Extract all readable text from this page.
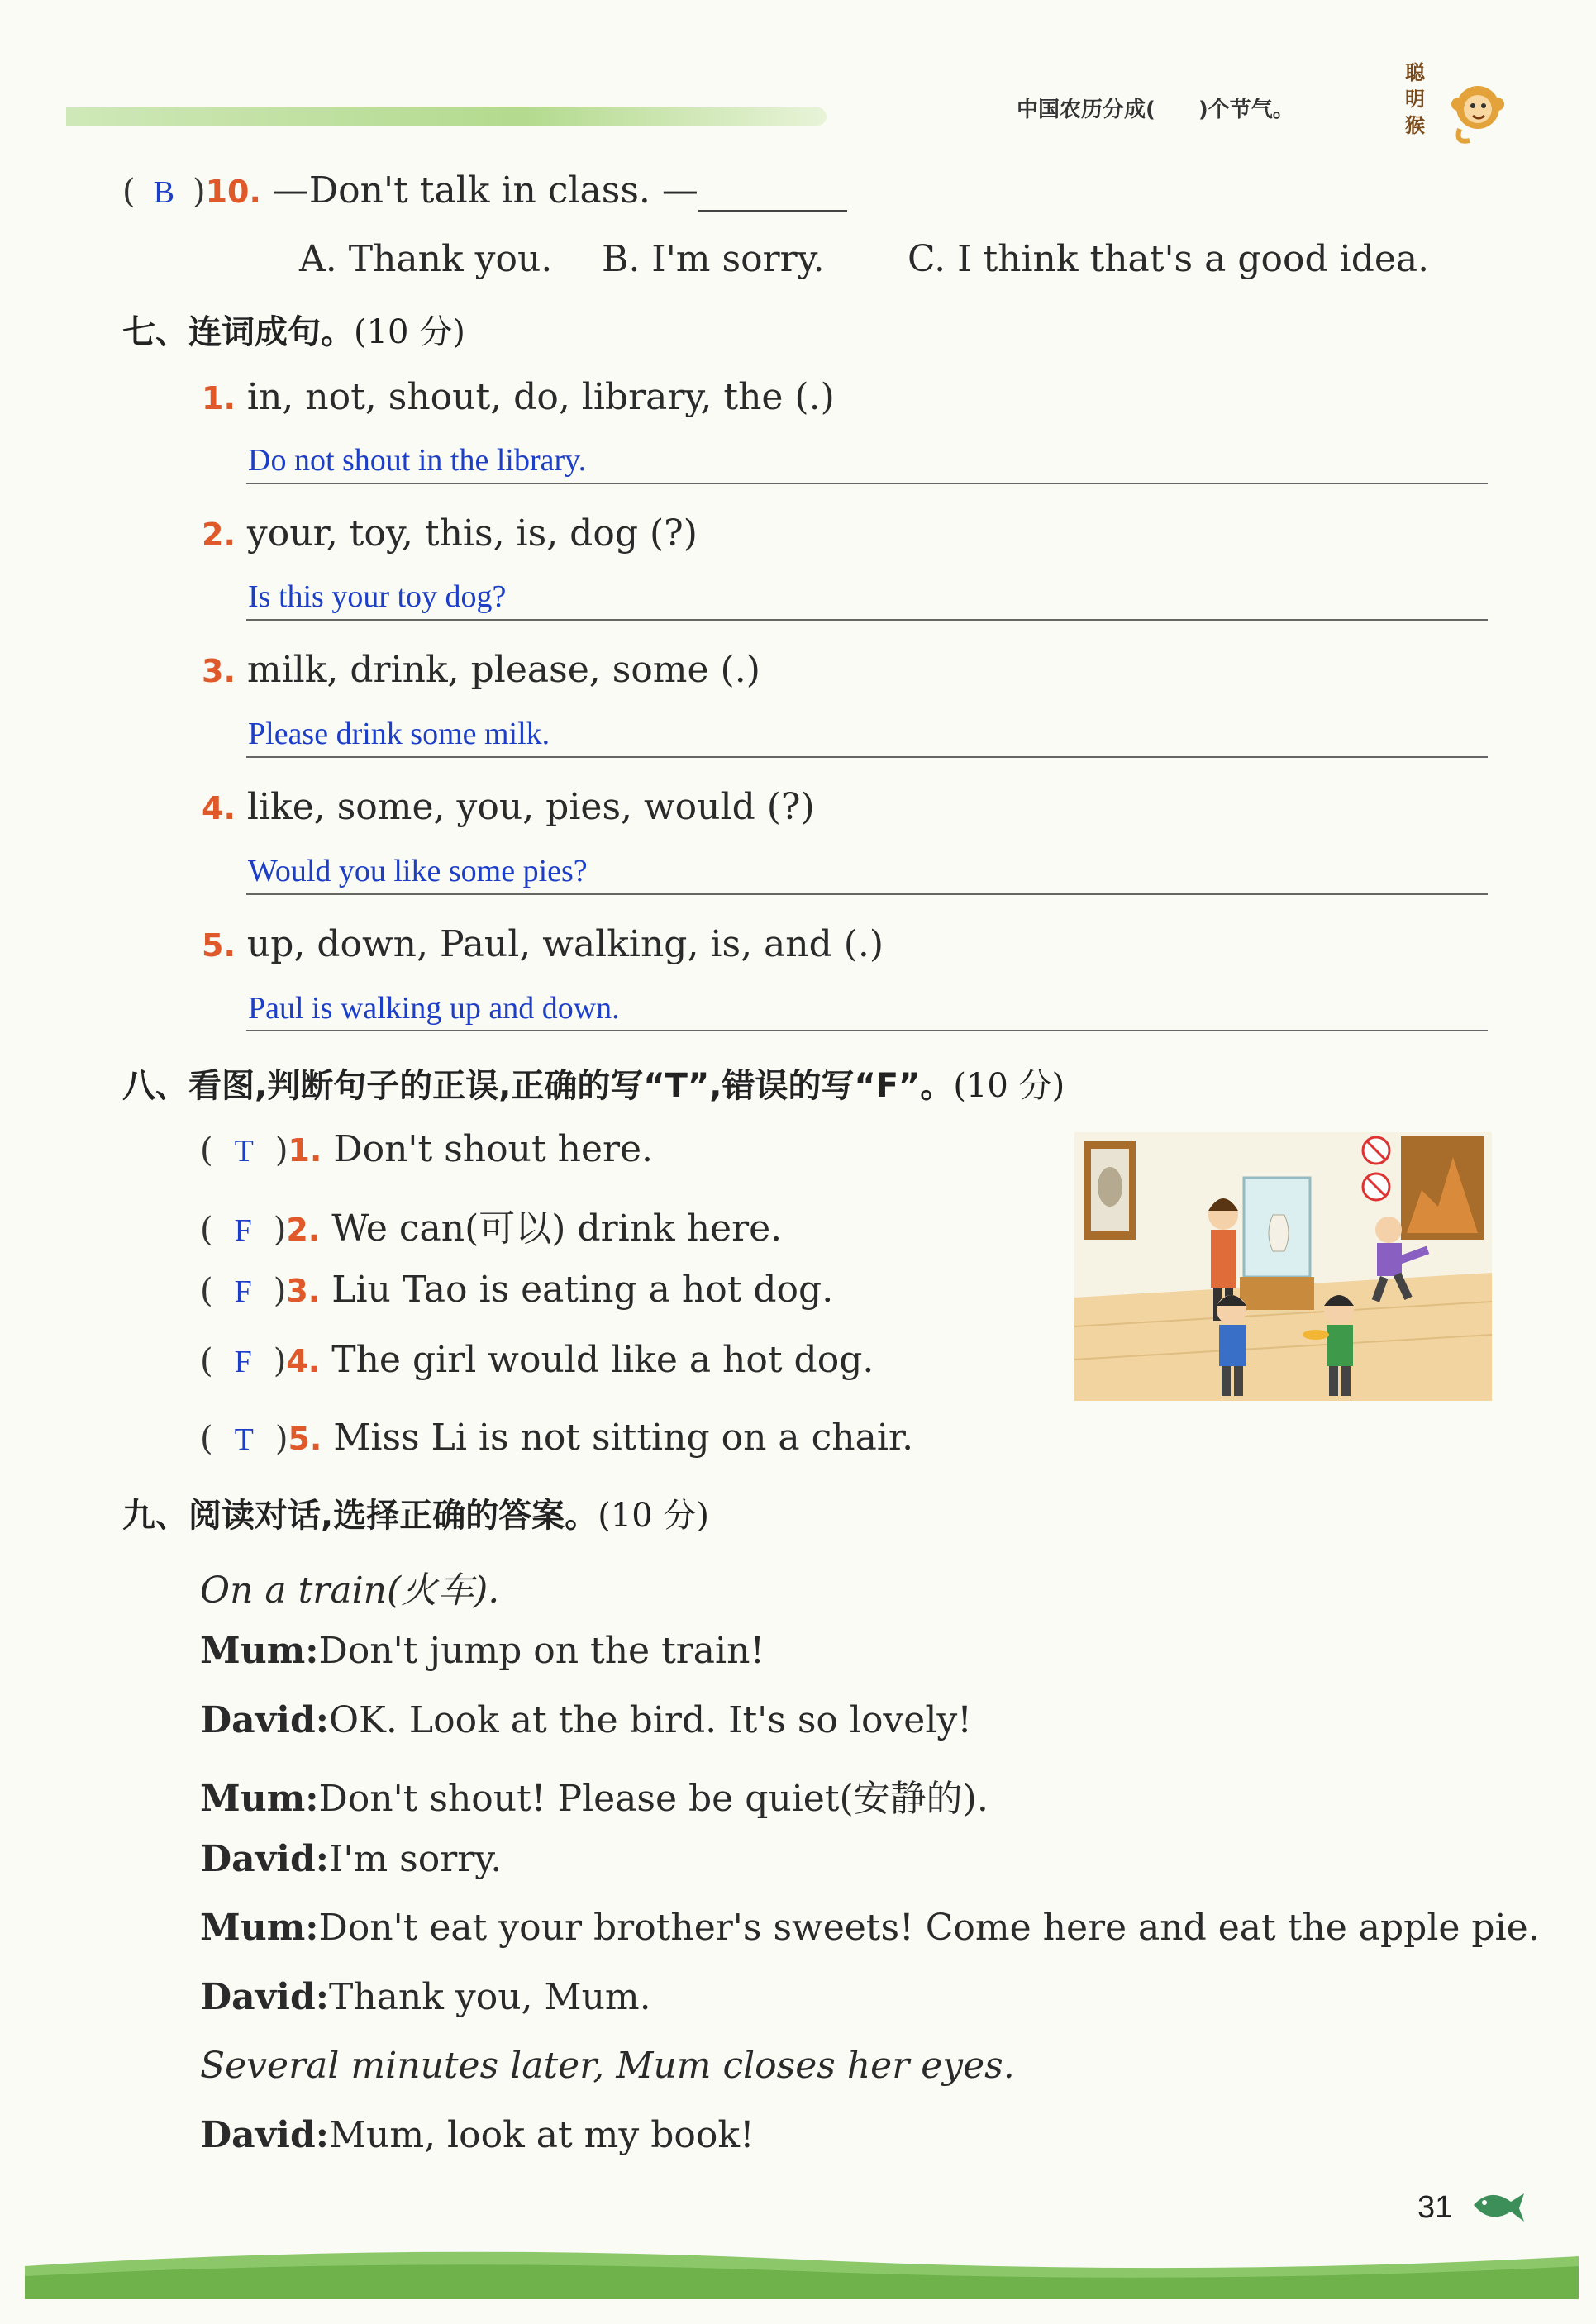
中国农历分成(　　)个节气。
聪明猴
( B )10. —Don't talk in class. —
A. Thank you. B. I'm sorry. C. I think that's a good idea.
七、连词成句。(10 分)
1. in, not, shout, do, library, the (.)
Do not shout in the library.
2. your, toy, this, is, dog (?)
Is this your toy dog?
3. milk, drink, please, some (.)
Please drink some milk.
4. like, some, you, pies, would (?)
Would you like some pies?
5. up, down, Paul, walking, is, and (.)
Paul is walking up and down.
八、看图,判断句子的正误,正确的写“T”,错误的写“F”。(10 分)
( T )1. Don't shout here.
( F )2. We can(可以) drink here.
( F )3. Liu Tao is eating a hot dog.
( F )4. The girl would like a hot dog.
( T )5. Miss Li is not sitting on a chair.
九、阅读对话,选择正确的答案。(10 分)
On a train(火车).
Mum:Don't jump on the train!
David:OK. Look at the bird. It's so lovely!
Mum:Don't shout! Please be quiet(安静的).
David:I'm sorry.
Mum:Don't eat your brother's sweets! Come here and eat the apple pie.
David:Thank you, Mum.
Several minutes later, Mum closes her eyes.
David:Mum, look at my book!
31
